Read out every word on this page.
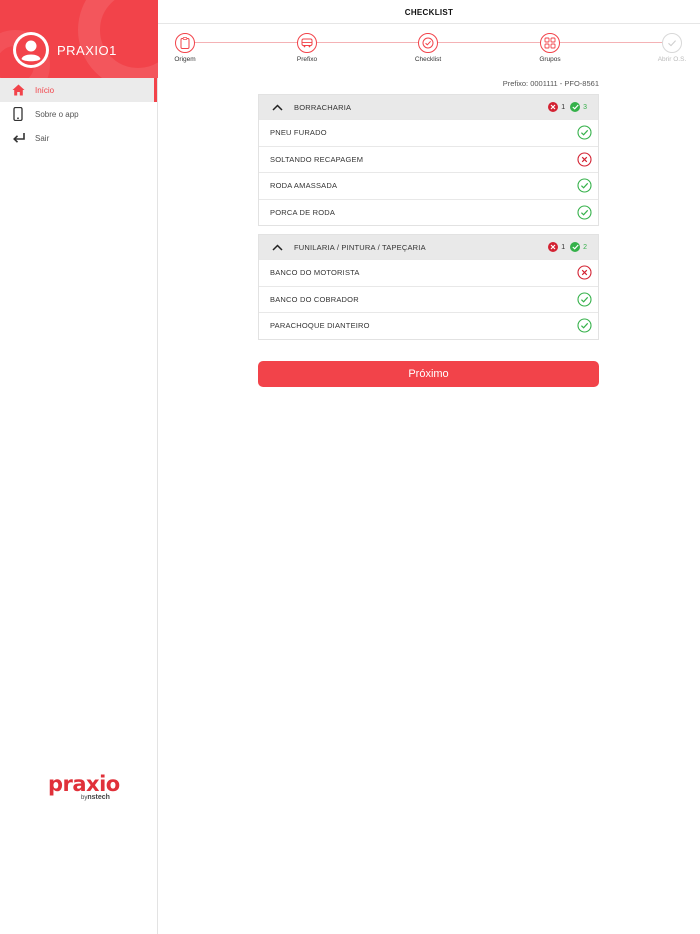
PRAXIO1
Início
Sobre o app
Sair
praxio
bynstech
CHECKLIST
Origem	Prefixo	Checklist	Grupos	Abrir O.S.
Prefixo: 0001111 - PFO-8561
BORRACHARIA	1	3
PNEU FURADO
SOLTANDO RECAPAGEM
RODA AMASSADA
PORCA DE RODA
FUNILARIA / PINTURA / TAPEÇARIA	1	2
BANCO DO MOTORISTA
BANCO DO COBRADOR
PARACHOQUE DIANTEIRO
Próximo
